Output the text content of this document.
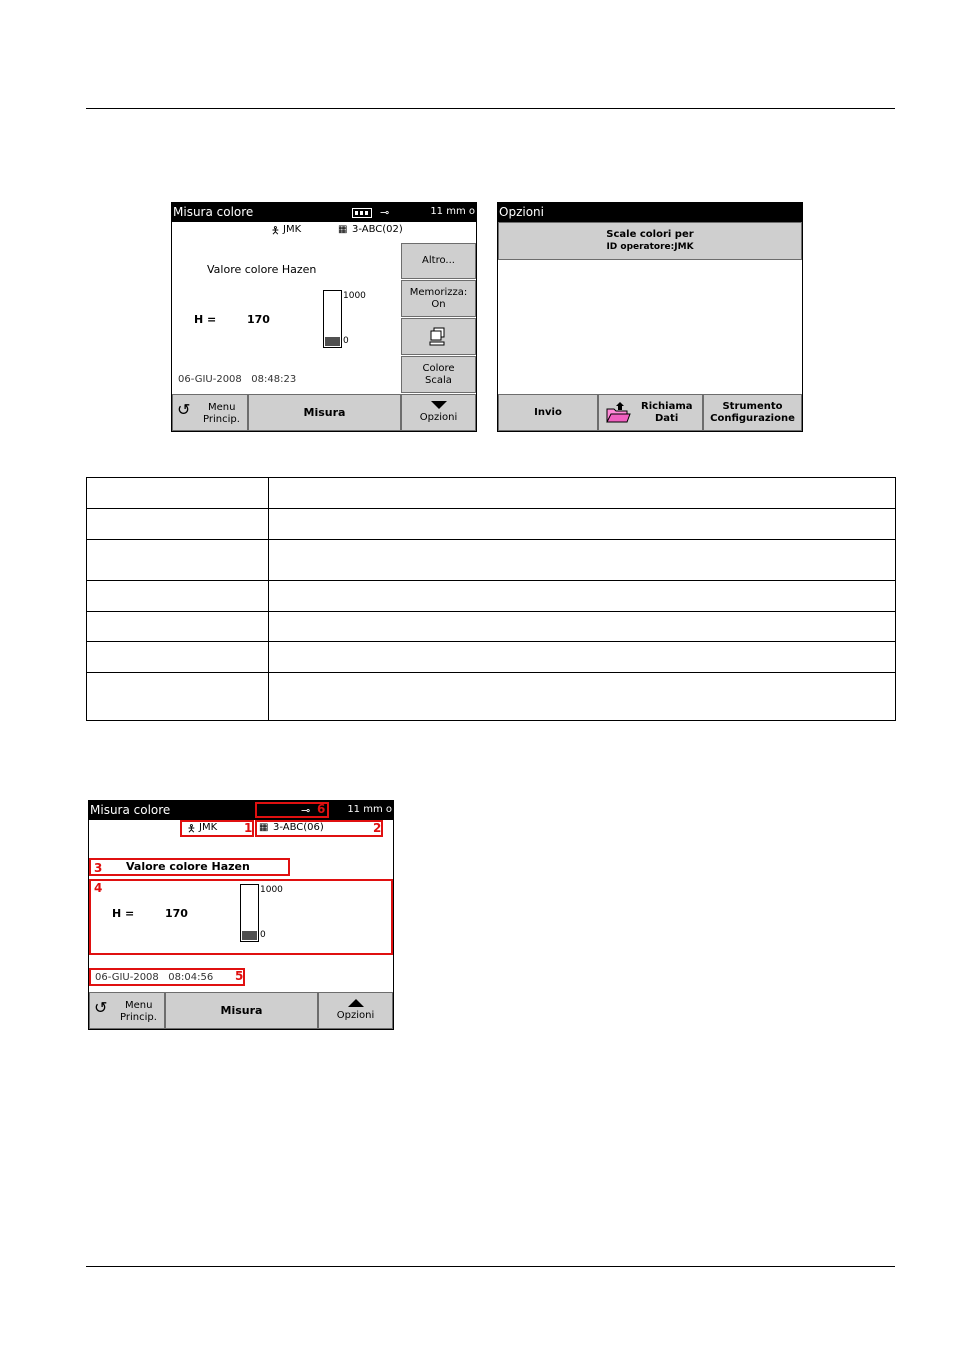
Misura colore	⊸	11 mm o
🯅 JMK	▦ 3-ABC(02)
Valore colore Hazen
H =	170
1000
0
06-GIU-2008   08:48:23
Altro...
Memorizza:
On
Colore
Scala
↺ Menu
Princip.
Misura	Opzioni
Opzioni
Scale colori per
ID operatore:JMK
Invio	Richiama
Dati
Strumento
Configurazione

Misura colore	⊸	11 mm o
🯅 JMK	▦ 3-ABC(06)
Valore colore Hazen
H =	170
1000
0
06-GIU-2008   08:04:56
6
1	2
3
4
5
↺ Menu
Princip.
Misura	Opzioni
